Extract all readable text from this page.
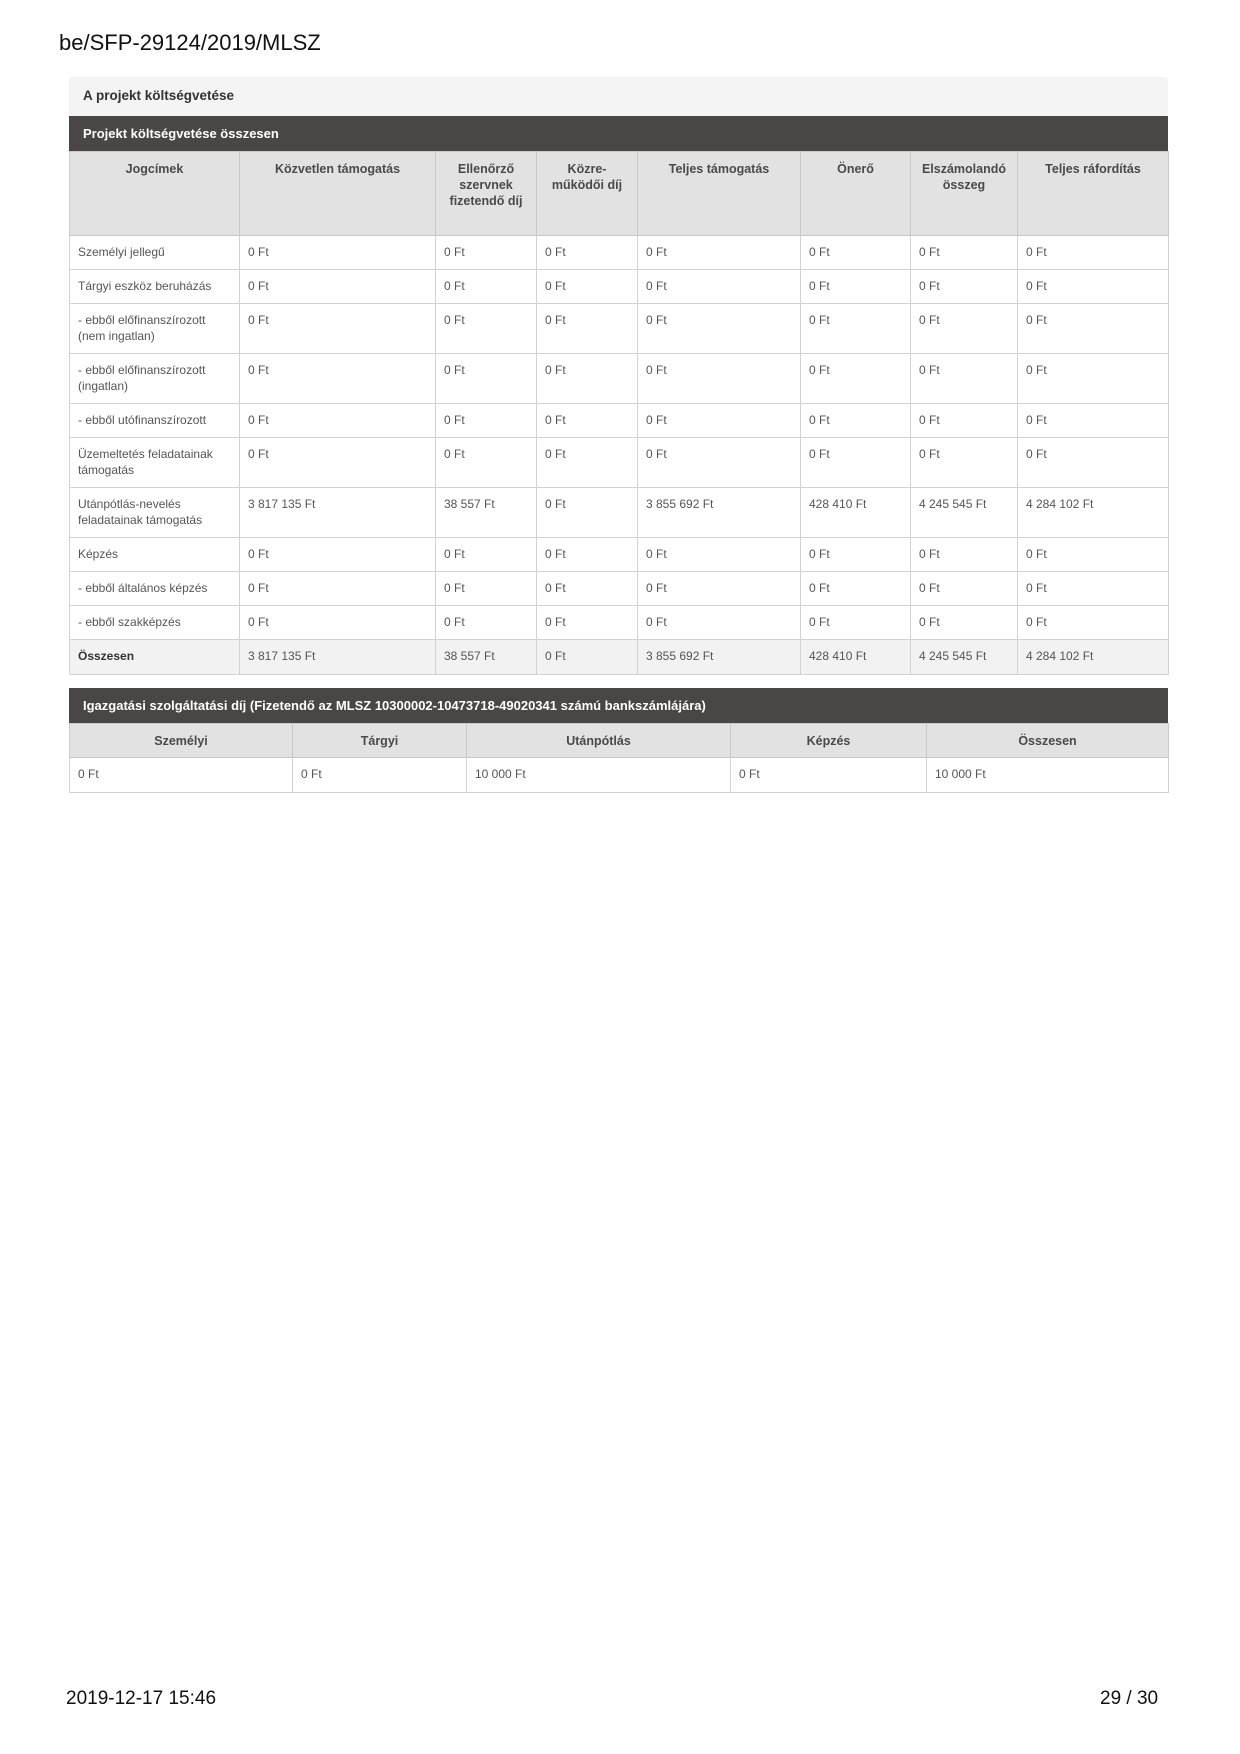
be/SFP-29124/2019/MLSZ
A projekt költségvetése
Projekt költségvetése összesen
Jogcímek	Közvetlen támogatás	Ellenőrző szervnek fizetendő díj	Közre-működői díj	Teljes támogatás	Önerő	Elszámolandó összeg	Teljes ráfordítás
Személyi jellegű	0 Ft	0 Ft	0 Ft	0 Ft	0 Ft	0 Ft	0 Ft
Tárgyi eszköz beruházás	0 Ft	0 Ft	0 Ft	0 Ft	0 Ft	0 Ft	0 Ft
- ebből előfinanszírozott (nem ingatlan)	0 Ft	0 Ft	0 Ft	0 Ft	0 Ft	0 Ft	0 Ft
- ebből előfinanszírozott (ingatlan)	0 Ft	0 Ft	0 Ft	0 Ft	0 Ft	0 Ft	0 Ft
- ebből utófinanszírozott	0 Ft	0 Ft	0 Ft	0 Ft	0 Ft	0 Ft	0 Ft
Üzemeltetés feladatainak támogatás	0 Ft	0 Ft	0 Ft	0 Ft	0 Ft	0 Ft	0 Ft
Utánpótlás-nevelés feladatainak támogatás	3 817 135 Ft	38 557 Ft	0 Ft	3 855 692 Ft	428 410 Ft	4 245 545 Ft	4 284 102 Ft
Képzés	0 Ft	0 Ft	0 Ft	0 Ft	0 Ft	0 Ft	0 Ft
- ebből általános képzés	0 Ft	0 Ft	0 Ft	0 Ft	0 Ft	0 Ft	0 Ft
- ebből szakképzés	0 Ft	0 Ft	0 Ft	0 Ft	0 Ft	0 Ft	0 Ft
Összesen	3 817 135 Ft	38 557 Ft	0 Ft	3 855 692 Ft	428 410 Ft	4 245 545 Ft	4 284 102 Ft
Igazgatási szolgáltatási díj (Fizetendő az MLSZ 10300002-10473718-49020341 számú bankszámlájára)
Személyi	Tárgyi	Utánpótlás	Képzés	Összesen
0 Ft	0 Ft	10 000 Ft	0 Ft	10 000 Ft
2019-12-17 15:46	29 / 30
